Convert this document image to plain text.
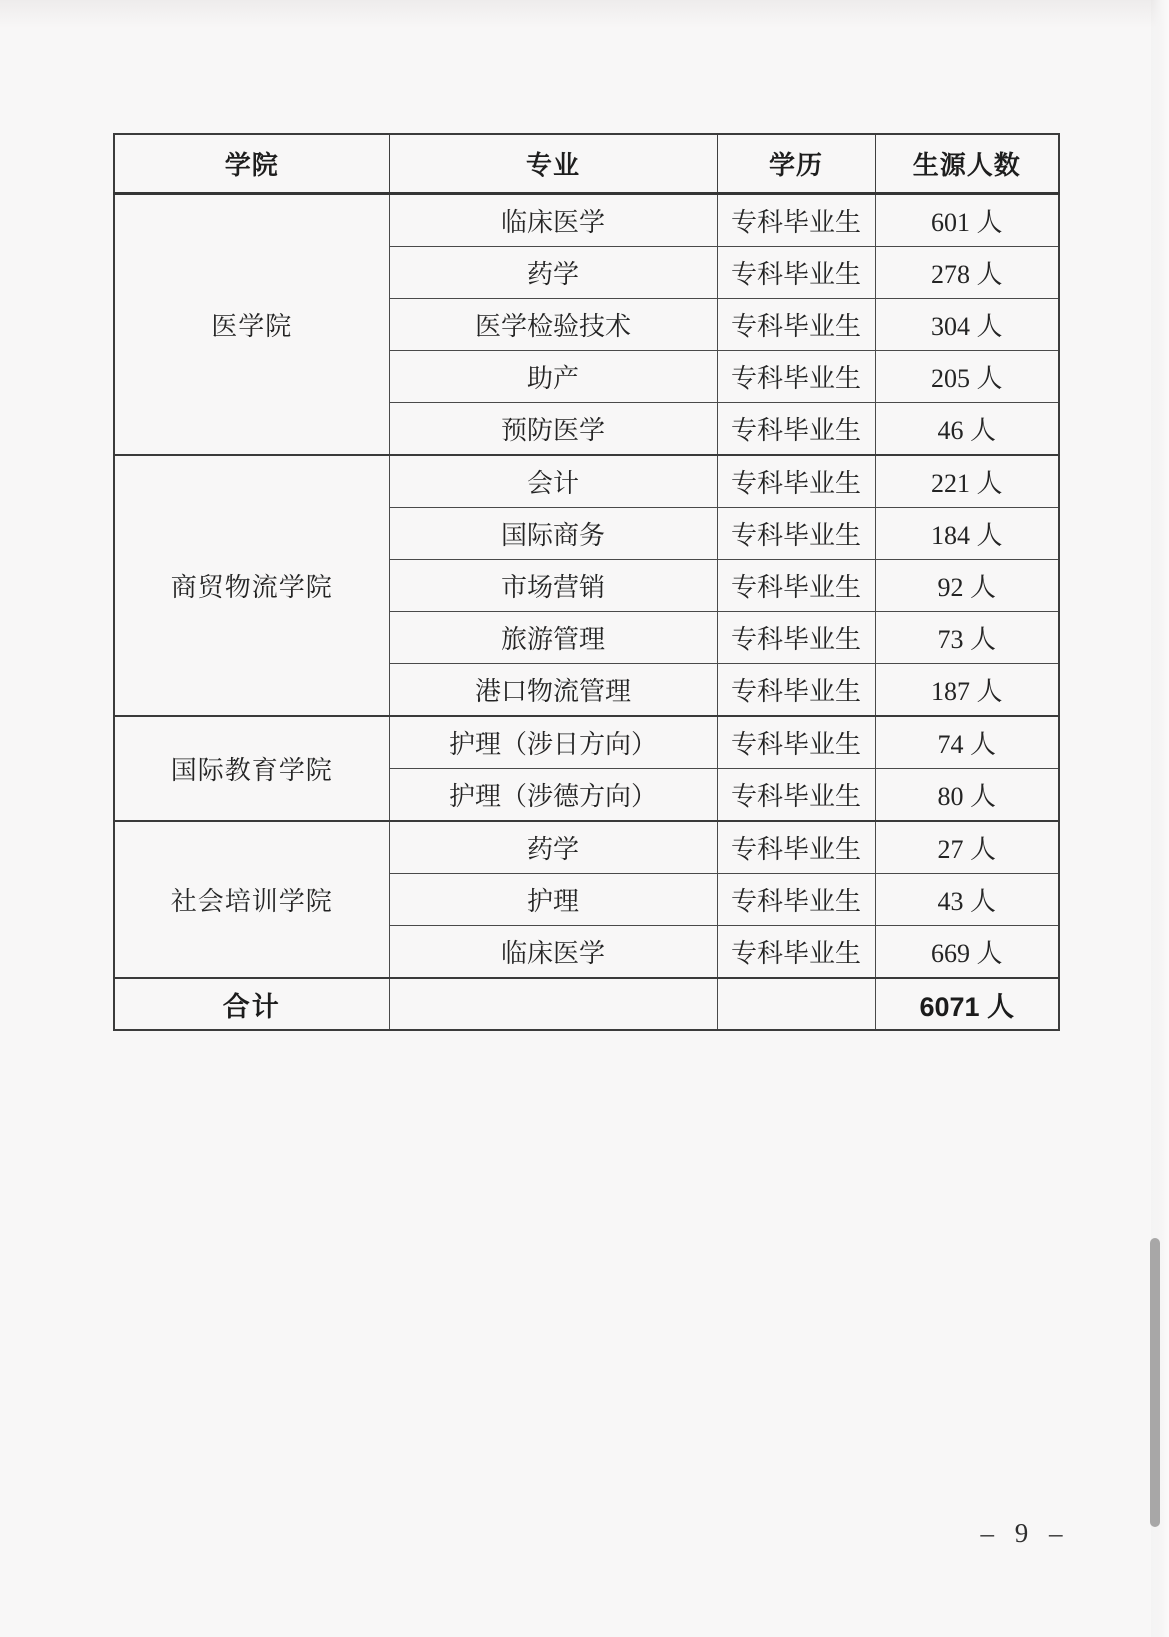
学院	专业	学历	生源人数
医学院	临床医学	专科毕业生	601 人
	药学	专科毕业生	278 人
	医学检验技术	专科毕业生	304 人
	助产	专科毕业生	205 人
	预防医学	专科毕业生	46 人
商贸物流学院	会计	专科毕业生	221 人
	国际商务	专科毕业生	184 人
	市场营销	专科毕业生	92 人
	旅游管理	专科毕业生	73 人
	港口物流管理	专科毕业生	187 人
国际教育学院	护理（涉日方向）	专科毕业生	74 人
	护理（涉德方向）	专科毕业生	80 人
社会培训学院	药学	专科毕业生	27 人
	护理	专科毕业生	43 人
	临床医学	专科毕业生	669 人
合计			6071 人
– 9 –
